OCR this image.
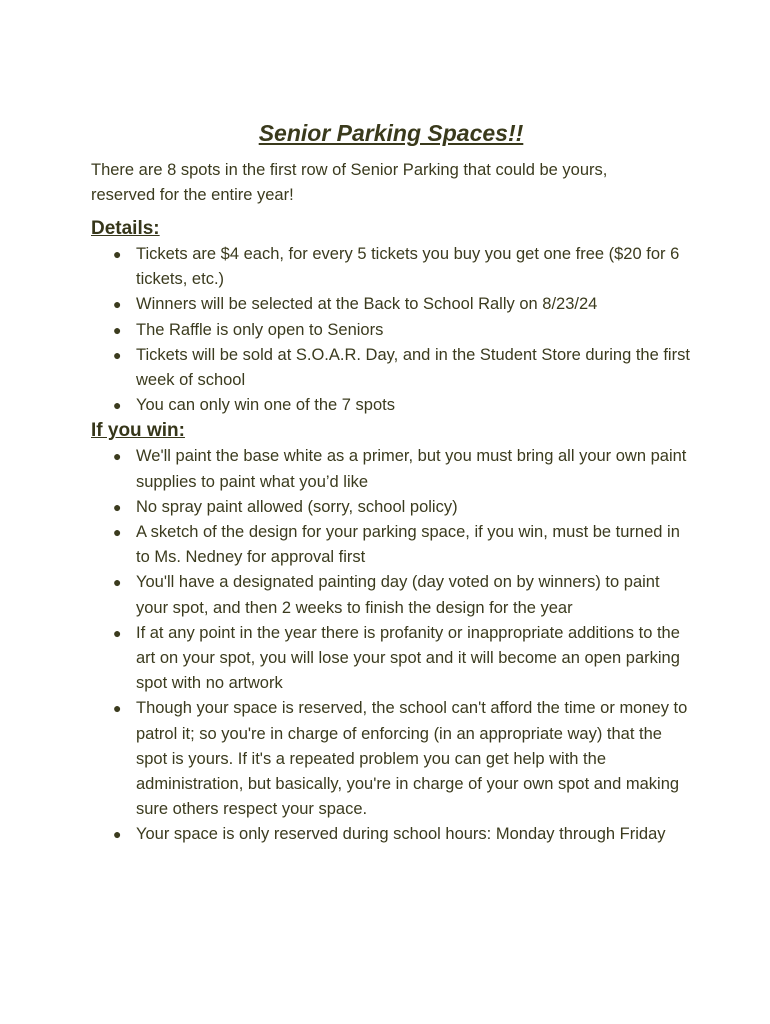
Senior Parking Spaces!!

There are 8 spots in the first row of Senior Parking that could be yours, reserved for the entire year!

Details:
● Tickets are $4 each, for every 5 tickets you buy you get one free ($20 for 6 tickets, etc.)
● Winners will be selected at the Back to School Rally on 8/23/24
● The Raffle is only open to Seniors
● Tickets will be sold at S.O.A.R. Day, and in the Student Store during the first week of school
● You can only win one of the 7 spots
If you win:
● We'll paint the base white as a primer, but you must bring all your own paint supplies to paint what you’d like
● No spray paint allowed (sorry, school policy)
● A sketch of the design for your parking space, if you win, must be turned in to Ms. Nedney for approval first
● You'll have a designated painting day (day voted on by winners) to paint your spot, and then 2 weeks to finish the design for the year
● If at any point in the year there is profanity or inappropriate additions to the art on your spot, you will lose your spot and it will become an open parking spot with no artwork
● Though your space is reserved, the school can't afford the time or money to patrol it; so you're in charge of enforcing (in an appropriate way) that the spot is yours. If it's a repeated problem you can get help with the administration, but basically, you're in charge of your own spot and making sure others respect your space.
● Your space is only reserved during school hours: Monday through Friday
